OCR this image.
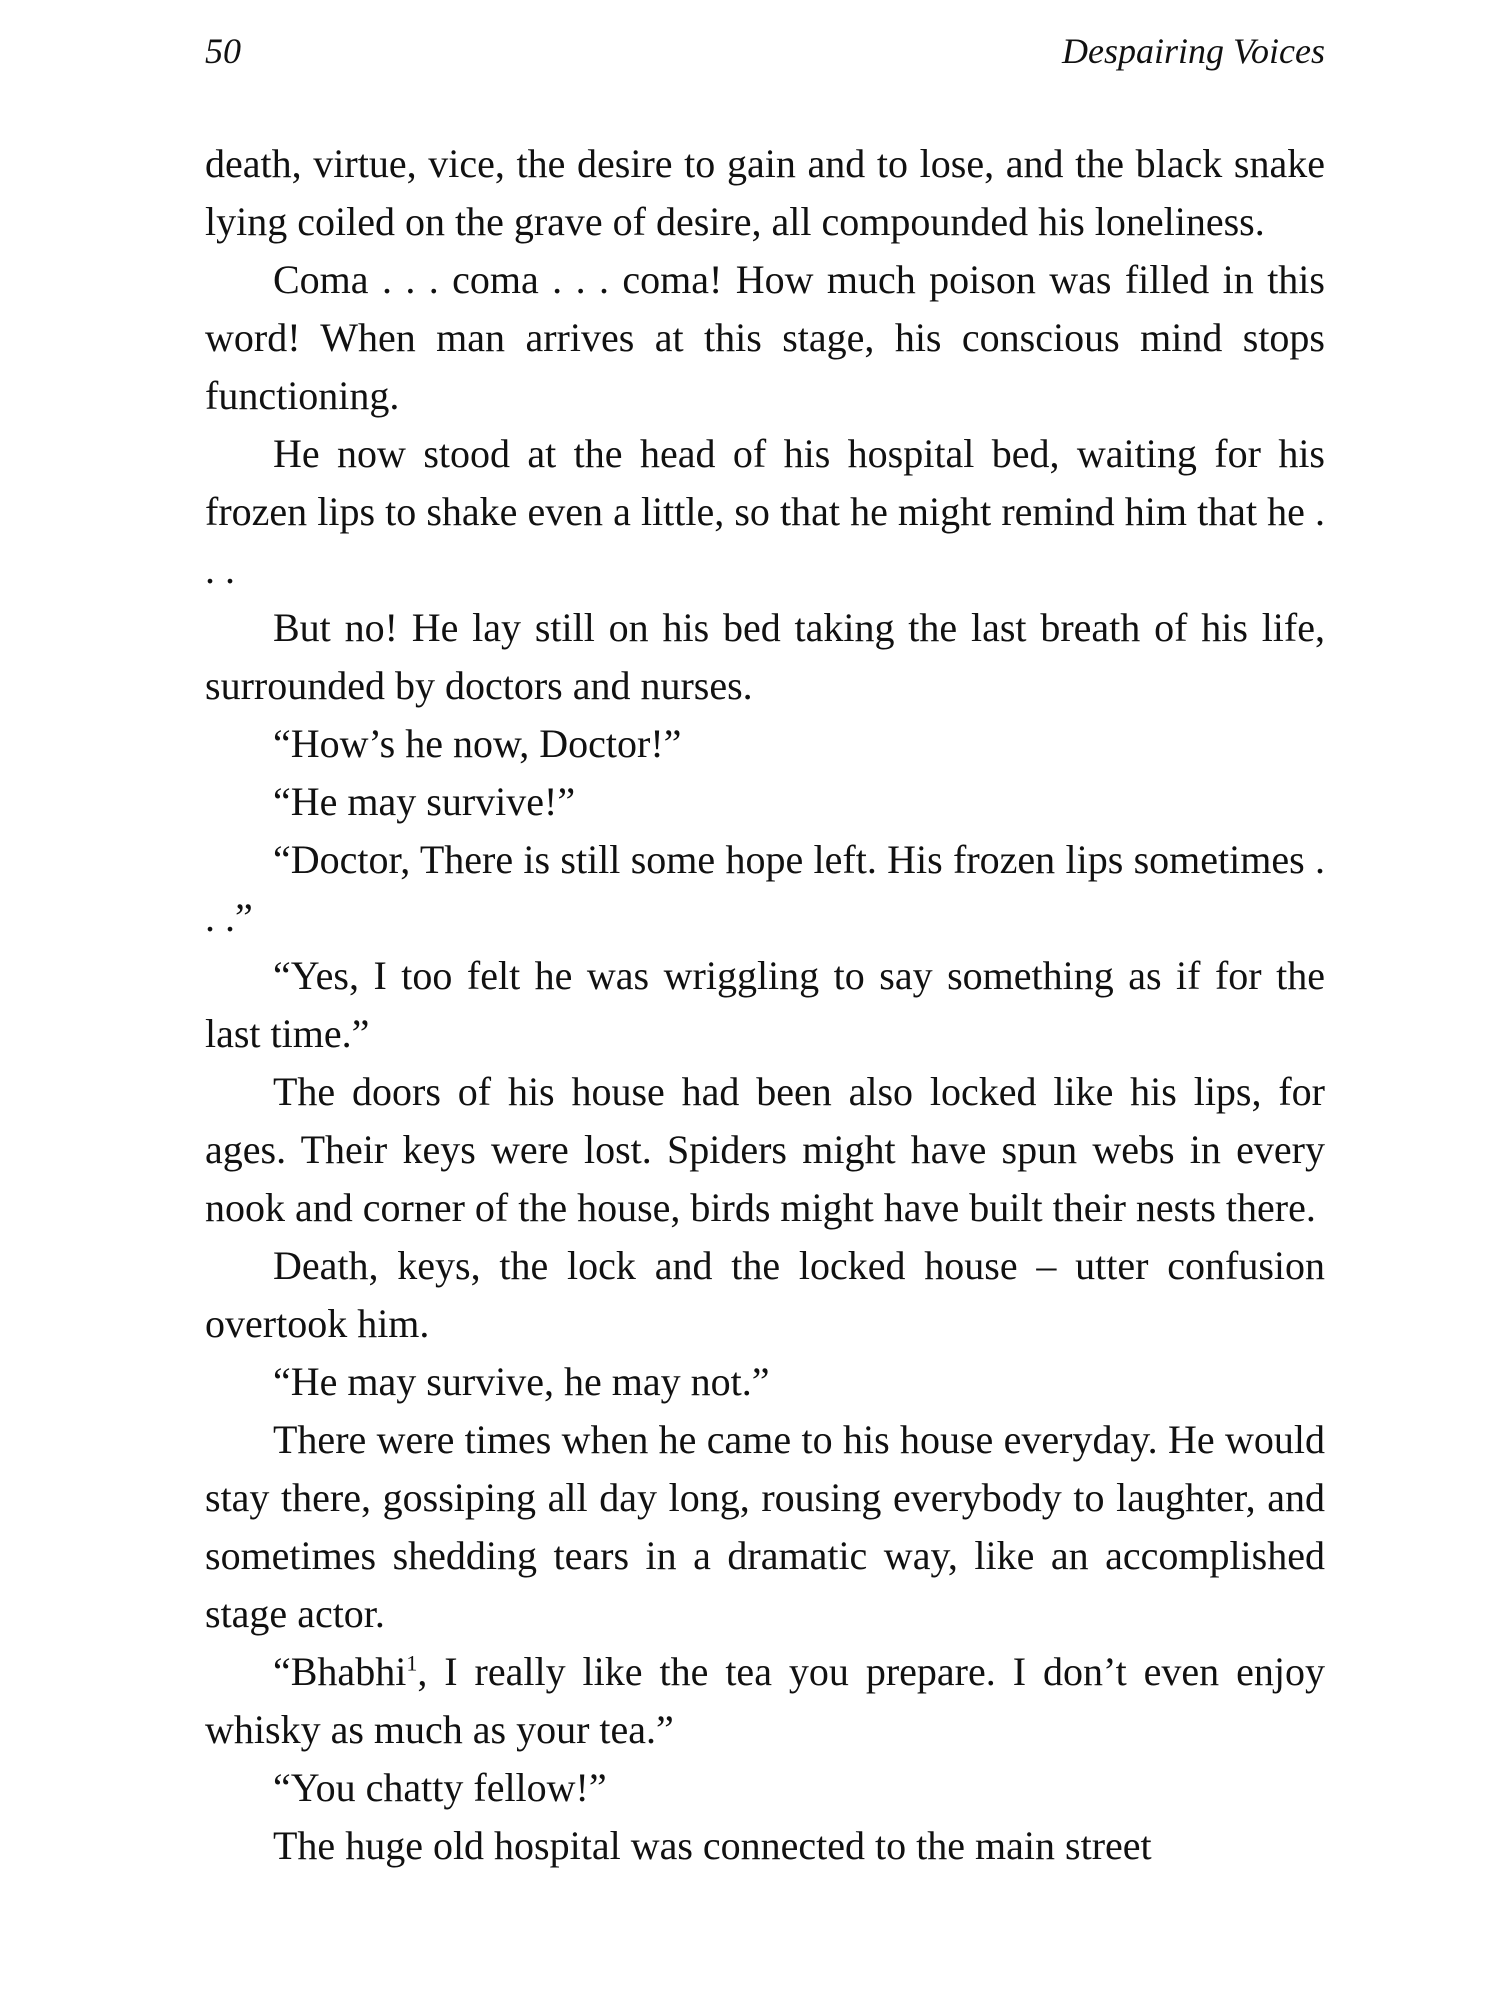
50	Despairing Voices

death, virtue, vice, the desire to gain and to lose, and the black snake lying coiled on the grave of desire, all compounded his loneliness.

Coma . . . coma . . . coma! How much poison was filled in this word! When man arrives at this stage, his conscious mind stops functioning.

He now stood at the head of his hospital bed, waiting for his frozen lips to shake even a little, so that he might remind him that he . . .

But no! He lay still on his bed taking the last breath of his life, surrounded by doctors and nurses.

“How’s he now, Doctor!”

“He may survive!”

“Doctor, There is still some hope left. His frozen lips sometimes . . .”

“Yes, I too felt he was wriggling to say something as if for the last time.”

The doors of his house had been also locked like his lips, for ages. Their keys were lost. Spiders might have spun webs in every nook and corner of the house, birds might have built their nests there.

Death, keys, the lock and the locked house – utter confusion overtook him.

“He may survive, he may not.”

There were times when he came to his house everyday. He would stay there, gossiping all day long, rousing everybody to laughter, and sometimes shedding tears in a dramatic way, like an accomplished stage actor.

“Bhabhi$^1$, I really like the tea you prepare. I don’t even enjoy whisky as much as your tea.”

“You chatty fellow!”

The huge old hospital was connected to the main street
